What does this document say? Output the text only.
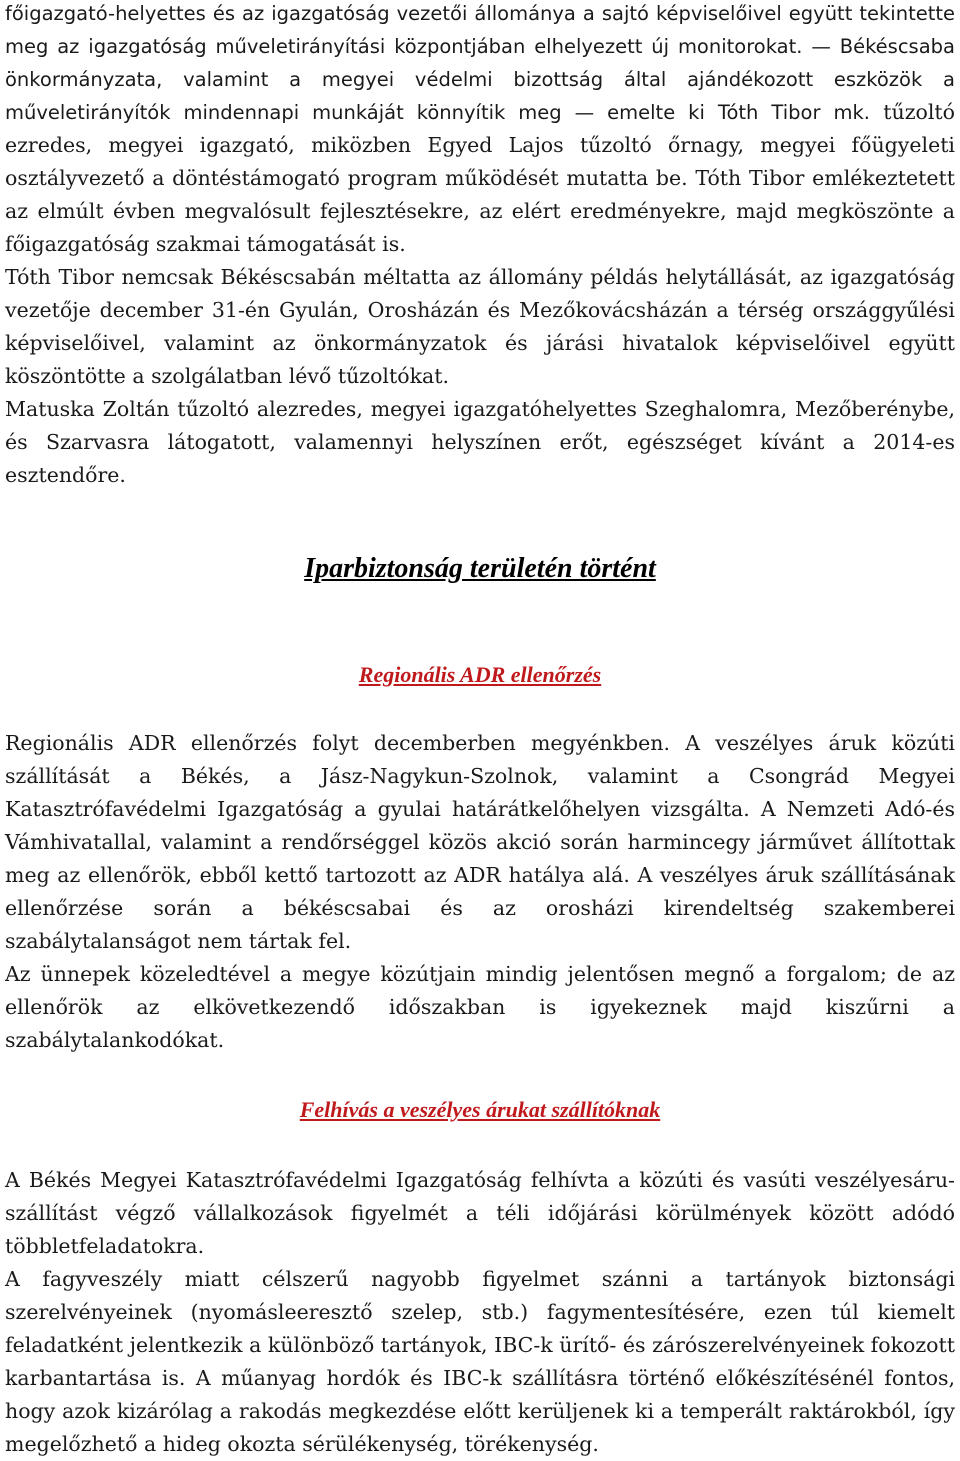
főigazgató-helyettes és az igazgatóság vezetői állománya a sajtó képviselőivel együtt tekintette meg az igazgatóság műveletirányítási központjában elhelyezett új monitorokat. — Békéscsaba önkormányzata, valamint a megyei védelmi bizottság által ajándékozott eszközök a műveletirányítók mindennapi munkáját könnyítik meg — emelte ki Tóth Tibor mk. tűzoltó ezredes, megyei igazgató, miközben Egyed Lajos tűzoltó őrnagy, megyei főügyeleti osztályvezető a döntéstámogató program működését mutatta be. Tóth Tibor emlékeztetett az elmúlt évben megvalósult fejlesztésekre, az elért eredményekre, majd megköszönte a főigazgatóság szakmai támogatását is.

Tóth Tibor nemcsak Békéscsabán méltatta az állomány példás helytállását, az igazgatóság vezetője december 31-én Gyulán, Orosházán és Mezőkovácsházán a térség országgyűlési képviselőivel, valamint az önkormányzatok és járási hivatalok képviselőivel együtt köszöntötte a szolgálatban lévő tűzoltókat.

Matuska Zoltán tűzoltó alezredes, megyei igazgatóhelyettes Szeghalomra, Mezőberénybe, és Szarvasra látogatott, valamennyi helyszínen erőt, egészséget kívánt a 2014-es esztendőre.

Iparbiztonság területén történt
Regionális ADR ellenőrzés

Regionális ADR ellenőrzés folyt decemberben megyénkben. A veszélyes áruk közúti szállítását a Békés, a Jász-Nagykun-Szolnok, valamint a Csongrád Megyei Katasztrófavédelmi Igazgatóság a gyulai határátkelőhelyen vizsgálta. A Nemzeti Adó-és Vámhivatallal, valamint a rendőrséggel közös akció során harmincegy járművet állítottak meg az ellenőrök, ebből kettő tartozott az ADR hatálya alá. A veszélyes áruk szállításának ellenőrzése során a békéscsabai és az orosházi kirendeltség szakemberei szabálytalanságot nem tártak fel.

Az ünnepek közeledtével a megye közútjain mindig jelentősen megnő a forgalom; de az ellenőrök az elkövetkezendő időszakban is igyekeznek majd kiszűrni a szabálytalankodókat.

Felhívás a veszélyes árukat szállítóknak

A Békés Megyei Katasztrófavédelmi Igazgatóság felhívta a közúti és vasúti veszélyesáru-szállítást végző vállalkozások figyelmét a téli időjárási körülmények között adódó többletfeladatokra.

A fagyveszély miatt célszerű nagyobb figyelmet szánni a tartányok biztonsági szerelvényeinek (nyomásleeresztő szelep, stb.) fagymentesítésére, ezen túl kiemelt feladatként jelentkezik a különböző tartányok, IBC-k ürítő- és zárószerelvényeinek fokozott karbantartása is. A műanyag hordók és IBC-k szállításra történő előkészítésénél fontos, hogy azok kizárólag a rakodás megkezdése előtt kerüljenek ki a temperált raktárokból, így megelőzhető a hideg okozta sérülékenység, törékenység.
